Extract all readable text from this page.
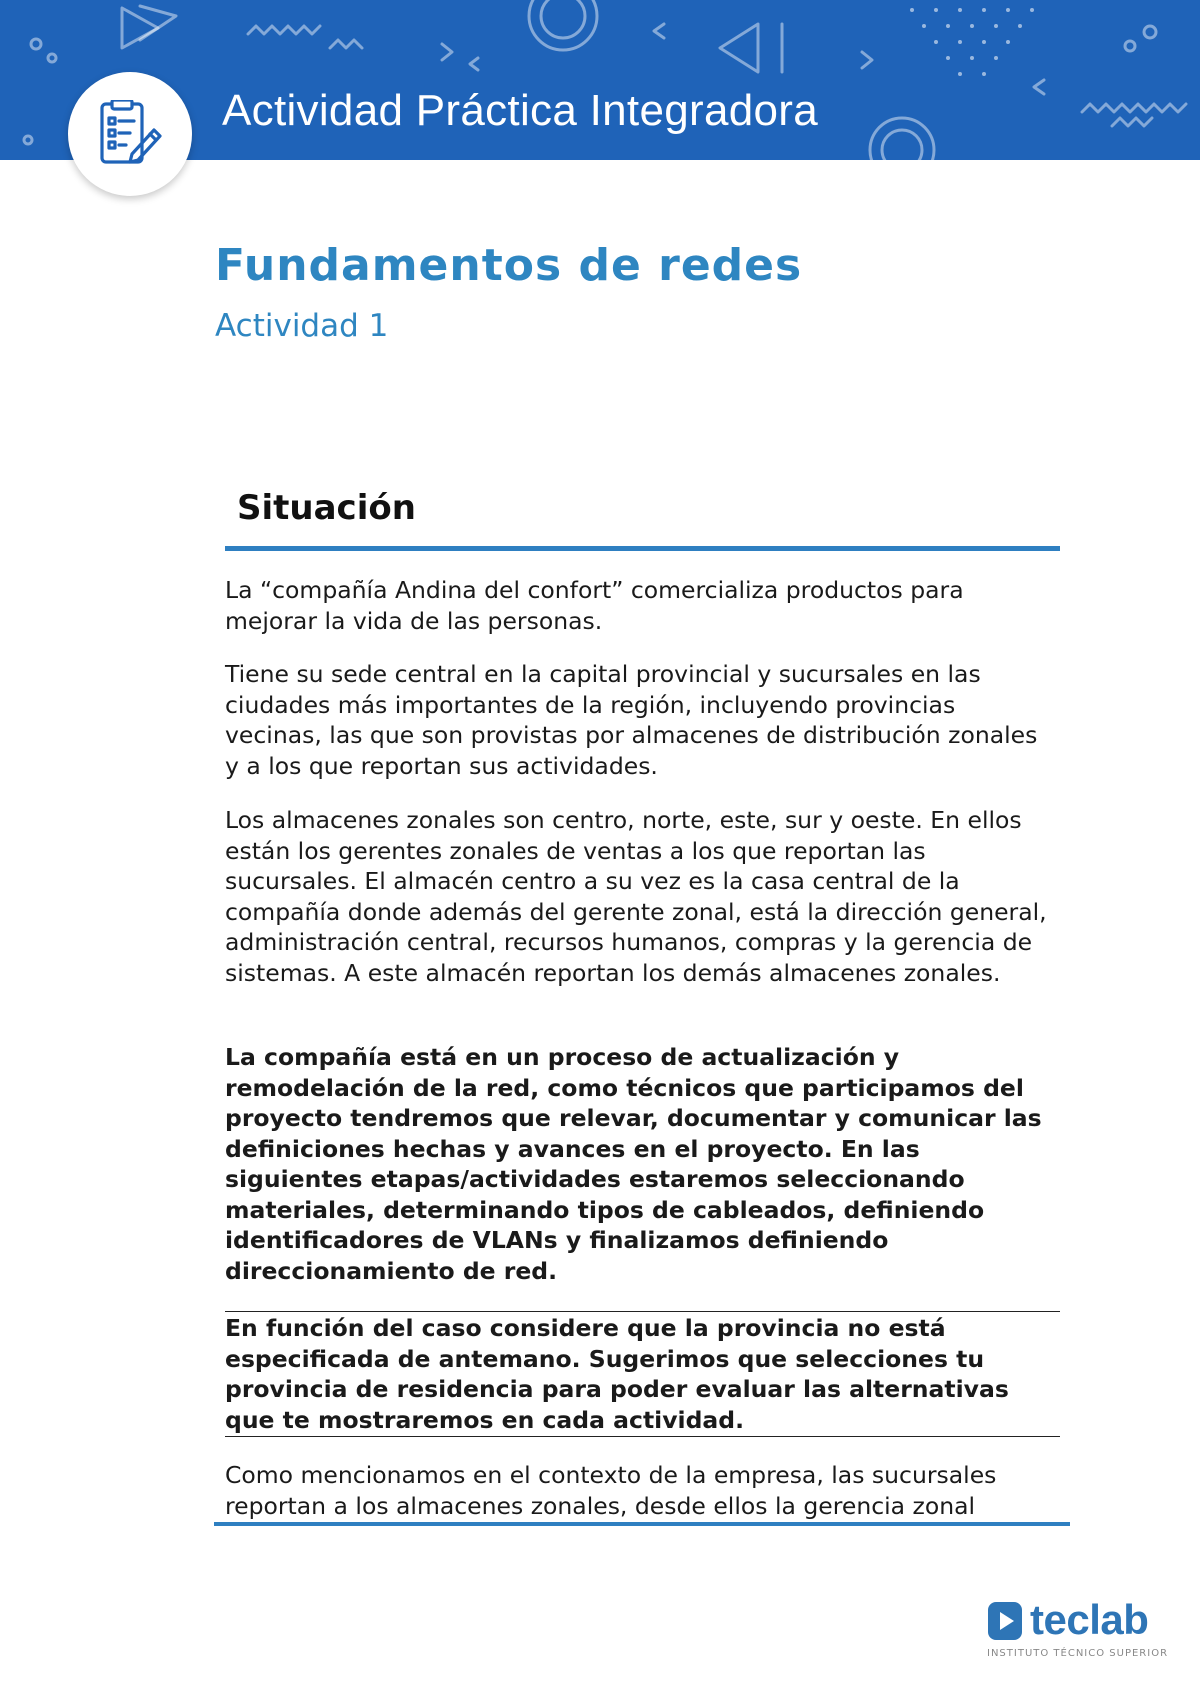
Actividad Práctica Integradora
Fundamentos de redes

Actividad 1

Situación

La “compañía Andina del confort” comercializa productos para mejorar la vida de las personas.

Tiene su sede central en la capital provincial y sucursales en las ciudades más importantes de la región, incluyendo provincias vecinas, las que son provistas por almacenes de distribución zonales y a los que reportan sus actividades.

Los almacenes zonales son centro, norte, este, sur y oeste. En ellos están los gerentes zonales de ventas a los que reportan las sucursales. El almacén centro a su vez es la casa central de la compañía donde además del gerente zonal, está la dirección general, administración central, recursos humanos, compras y la gerencia de sistemas. A este almacén reportan los demás almacenes zonales.

La compañía está en un proceso de actualización y remodelación de la red, como técnicos que participamos del proyecto tendremos que relevar, documentar y comunicar las definiciones hechas y avances en el proyecto. En las siguientes etapas/actividades estaremos seleccionando materiales, determinando tipos de cableados, definiendo identificadores de VLANs y finalizamos definiendo direccionamiento de red.

En función del caso considere que la provincia no está especificada de antemano. Sugerimos que selecciones tu provincia de residencia para poder evaluar las alternativas que te mostraremos en cada actividad.

Como mencionamos en el contexto de la empresa, las sucursales reportan a los almacenes zonales, desde ellos la gerencia zonal

teclab

INSTITUTO TÉCNICO SUPERIOR
